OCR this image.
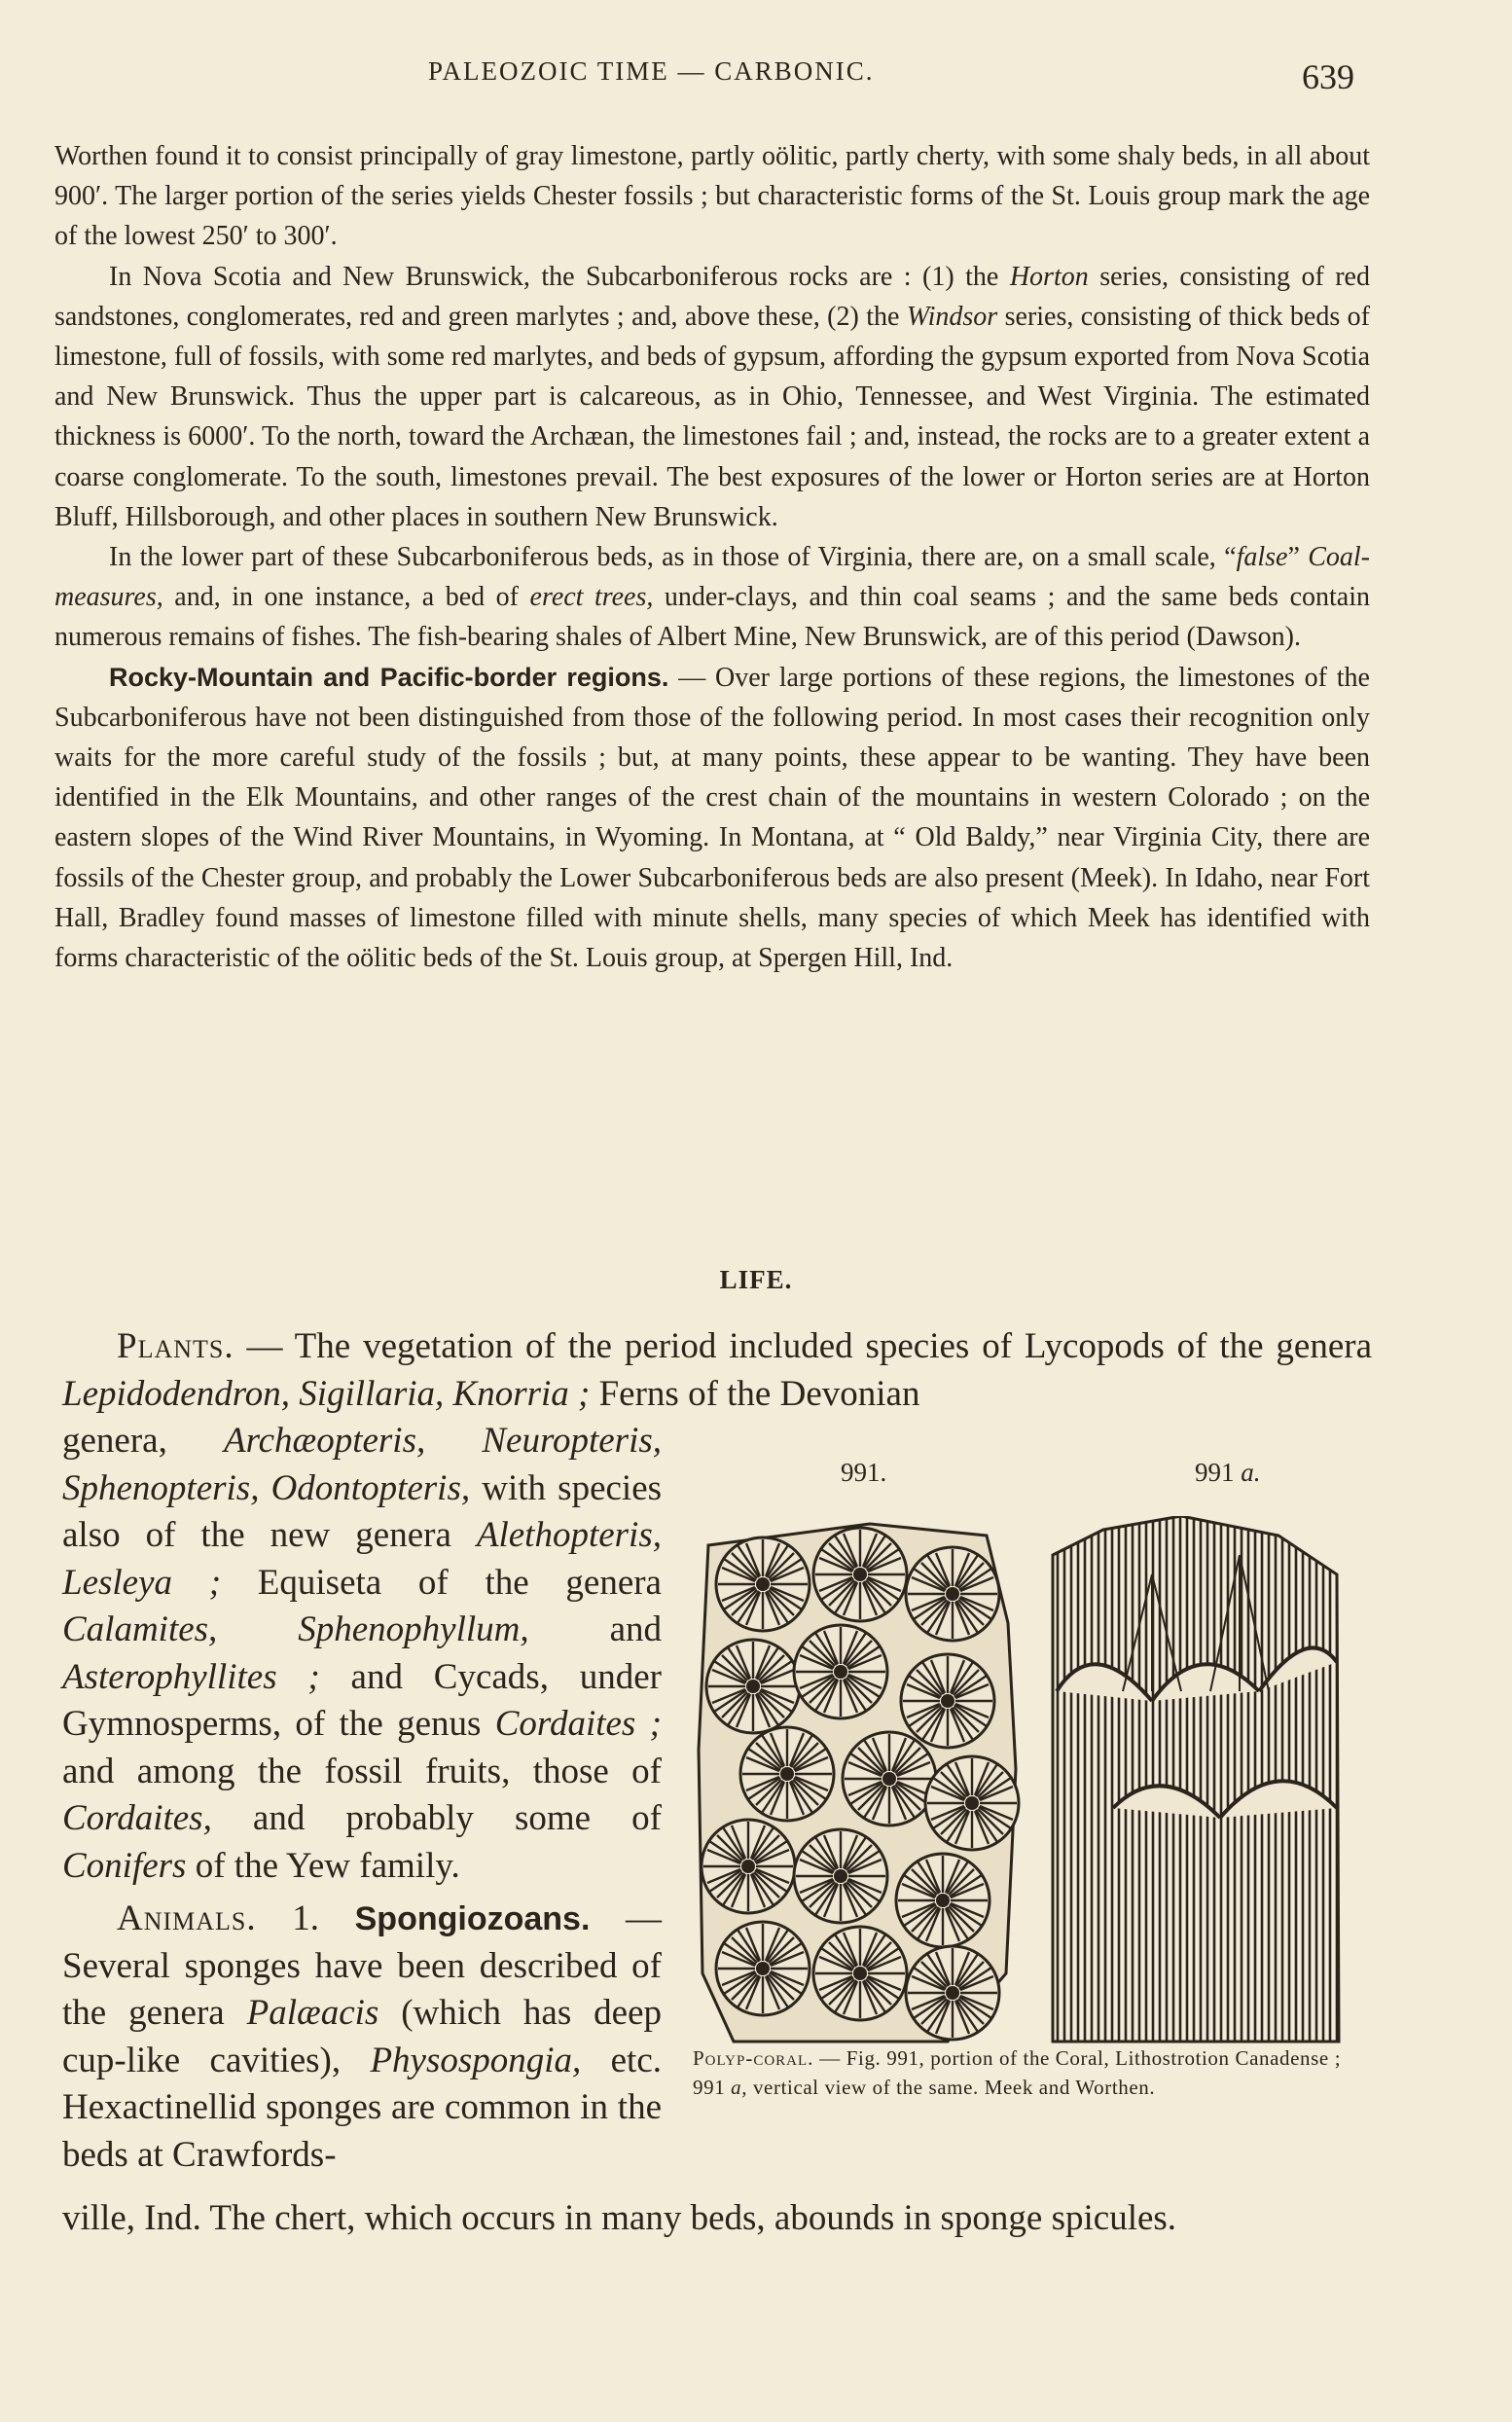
PALEOZOIC TIME — CARBONIC.	639

Worthen found it to consist principally of gray limestone, partly oölitic, partly cherty, with some shaly beds, in all about 900′. The larger portion of the series yields Chester fossils ; but characteristic forms of the St. Louis group mark the age of the lowest 250′ to 300′.

In Nova Scotia and New Brunswick, the Subcarboniferous rocks are : (1) the Horton series, consisting of red sandstones, conglomerates, red and green marlytes ; and, above these, (2) the Windsor series, consisting of thick beds of limestone, full of fossils, with some red marlytes, and beds of gypsum, affording the gypsum exported from Nova Scotia and New Brunswick. Thus the upper part is calcareous, as in Ohio, Tennessee, and West Virginia. The estimated thickness is 6000′. To the north, toward the Archæan, the limestones fail ; and, instead, the rocks are to a greater extent a coarse conglomerate. To the south, limestones prevail. The best exposures of the lower or Horton series are at Horton Bluff, Hillsborough, and other places in southern New Brunswick.

In the lower part of these Subcarboniferous beds, as in those of Virginia, there are, on a small scale, “false” Coal-measures, and, in one instance, a bed of erect trees, under-clays, and thin coal seams ; and the same beds contain numerous remains of fishes. The fish-bearing shales of Albert Mine, New Brunswick, are of this period (Dawson).

Rocky-Mountain and Pacific-border regions. — Over large portions of these regions, the limestones of the Subcarboniferous have not been distinguished from those of the following period. In most cases their recognition only waits for the more careful study of the fossils ; but, at many points, these appear to be wanting. They have been identified in the Elk Mountains, and other ranges of the crest chain of the mountains in western Colorado ; on the eastern slopes of the Wind River Mountains, in Wyoming. In Montana, at “ Old Baldy,” near Virginia City, there are fossils of the Chester group, and probably the Lower Subcarboniferous beds are also present (Meek). In Idaho, near Fort Hall, Bradley found masses of limestone filled with minute shells, many species of which Meek has identified with forms characteristic of the oölitic beds of the St. Louis group, at Spergen Hill, Ind.

LIFE.

Plants. — The vegetation of the period included species of Lycopods of the genera Lepidodendron, Sigillaria, Knorria ; Ferns of the Devonian

genera, Archæopteris, Neuropteris, Sphenopteris, Odontopteris, with species also of the new genera Alethopteris, Lesleya ; Equiseta of the genera Calamites, Sphenophyllum, and Asterophyllites ; and Cycads, under Gymnosperms, of the genus Cordaites ; and among the fossil fruits, those of Cordaites, and probably some of Conifers of the Yew family.

Animals. 1. Spongiozoans. — Several sponges have been described of the genera Palæacis (which has deep cup-like cavities), Physospongia, etc. Hexactinellid sponges are common in the beds at Crawfords-

991.	991 a.
Polyp-coral. — Fig. 991, portion of the Coral, Lithostrotion Canadense ; 991 a, vertical view of the same. Meek and Worthen.

ville, Ind. The chert, which occurs in many beds, abounds in sponge spicules.
